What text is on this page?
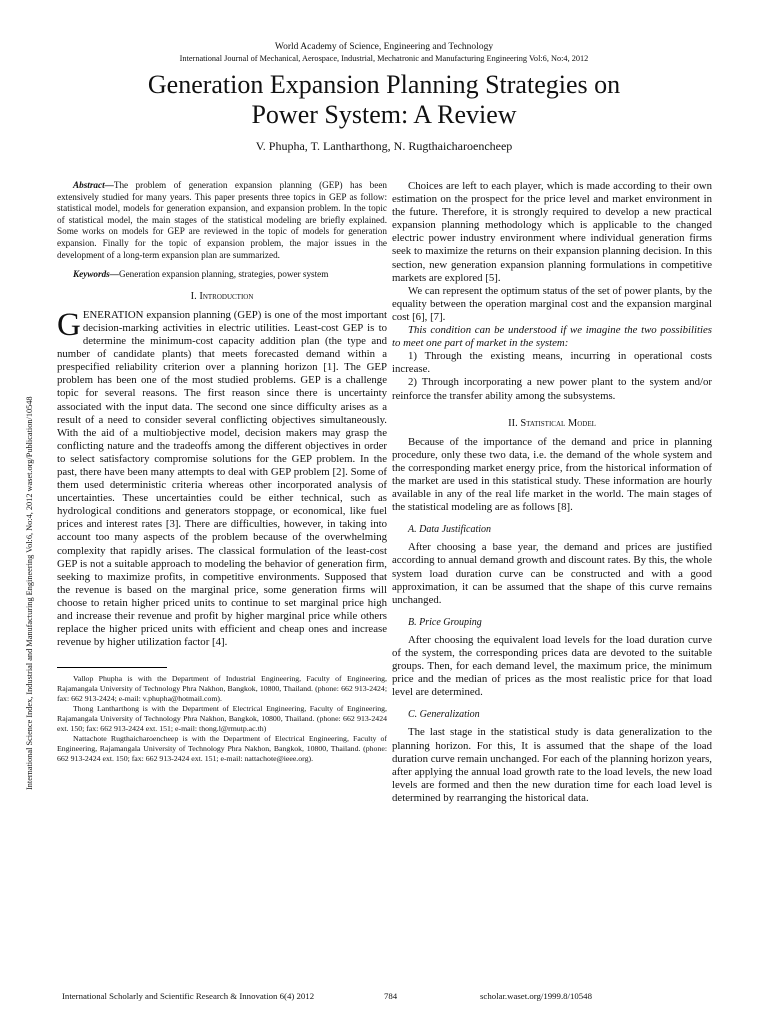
World Academy of Science, Engineering and Technology
International Journal of Mechanical, Aerospace, Industrial, Mechatronic and Manufacturing Engineering Vol:6, No:4, 2012
Generation Expansion Planning Strategies on
Power System: A Review
V. Phupha, T. Lantharthong, N. Rugthaicharoencheep
International Science Index, Industrial and Manufacturing Engineering Vol:6, No:4, 2012 waset.org/Publication/10548

Abstract—The problem of generation expansion planning (GEP) has been extensively studied for many years. This paper presents three topics in GEP as follow: statistical model, models for generation expansion, and expansion problem. In the topic of statistical model, the main stages of the statistical modeling are briefly explained. Some works on models for GEP are reviewed in the topic of models for generation expansion. Finally for the topic of expansion problem, the major issues in the development of a long-term expansion plan are summarized.

Keywords—Generation expansion planning, strategies, power system

I. Introduction

GENERATION expansion planning (GEP) is one of the most important decision-marking activities in electric utilities. Least-cost GEP is to determine the minimum-cost capacity addition plan (the type and number of candidate plants) that meets forecasted demand within a prespecified reliability criterion over a planning horizon [1]. The GEP problem has been one of the most studied problems. GEP is a challenge topic for several reasons. The first reason since there is uncertainty associated with the input data. The second one since difficulty arises as a result of a need to consider several conflicting objectives simultaneously. With the aid of a multiobjective model, decision makers may grasp the conflicting nature and the tradeoffs among the different objectives in order to select satisfactory compromise solutions for the GEP problem. In the past, there have been many attempts to deal with GEP problem [2]. Some of them used deterministic criteria whereas other incorporated analysis of uncertainties. These uncertainties could be either technical, such as hydrological conditions and generators stoppage, or economical, like fuel prices and interest rates [3]. There are difficulties, however, in taking into account too many aspects of the problem because of the overwhelming complexity that rapidly arises. The classical formulation of the least-cost GEP is not a suitable approach to modeling the behavior of generation firm, seeking to maximize profits, in competitive environments. Supposed that the revenue is based on the marginal price, some generation firms will choose to retain higher priced units to continue to set marginal price high and increase their revenue and profit by higher marginal price while others replace the higher priced units with efficient and cheap ones and increase revenue by higher utilization factor [4].

Vallop Phupha is with the Department of Industrial Engineering, Faculty of Engineering, Rajamangala University of Technology Phra Nakhon, Bangkok, 10800, Thailand. (phone: 662 913-2424; fax: 662 913-2424; e-mail: v.phupha@hotmail.com).

Thong Lantharthong is with the Department of Electrical Engineering, Faculty of Engineering, Rajamangala University of Technology Phra Nakhon, Bangkok, 10800, Thailand. (phone: 662 913-2424 ext. 150; fax: 662 913-2424 ext. 151; e-mail: thong.l@rmutp.ac.th)

Nattachote Rugthaicharoencheep is with the Department of Electrical Engineering, Faculty of Engineering, Rajamangala University of Technology Phra Nakhon, Bangkok, 10800, Thailand. (phone: 662 913-2424 ext. 150; fax: 662 913-2424 ext. 151; e-mail: nattachote@ieee.org).

Choices are left to each player, which is made according to their own estimation on the prospect for the price level and market environment in the future. Therefore, it is strongly required to develop a new practical expansion planning methodology which is applicable to the changed electric power industry environment where individual generation firms seek to maximize the returns on their expansion planning decision. In this section, new generation expansion planning formulations in competitive markets are explored [5].

We can represent the optimum status of the set of power plants, by the equality between the operation marginal cost and the expansion marginal cost [6], [7].

This condition can be understood if we imagine the two possibilities to meet one part of market in the system:

1) Through the existing means, incurring in operational costs increase.

2) Through incorporating a new power plant to the system and/or reinforce the transfer ability among the subsystems.

II. Statistical Model

Because of the importance of the demand and price in planning procedure, only these two data, i.e. the demand of the whole system and the corresponding market energy price, from the historical information of the market are used in this statistical study. These information are hourly available in any of the real life market in the world. The main stages of the statistical modeling are as follows [8].

A. Data Justification

After choosing a base year, the demand and prices are justified according to annual demand growth and discount rates. By this, the whole system load duration curve can be constructed and with a good approximation, it can be assumed that the shape of this curve remains unchanged.

B. Price Grouping

After choosing the equivalent load levels for the load duration curve of the system, the corresponding prices data are devoted to the suitable groups. Then, for each demand level, the maximum price, the minimum price and the median of prices as the most realistic price for that load level are determined.

C. Generalization

The last stage in the statistical study is data generalization to the planning horizon. For this, It is assumed that the shape of the load duration curve remain unchanged. For each of the planning horizon years, after applying the annual load growth rate to the load levels, the new load levels are formed and then the new duration time for each load level is determined by rearranging the historical data.

International Scholarly and Scientific Research & Innovation 6(4) 2012	784	scholar.waset.org/1999.8/10548
